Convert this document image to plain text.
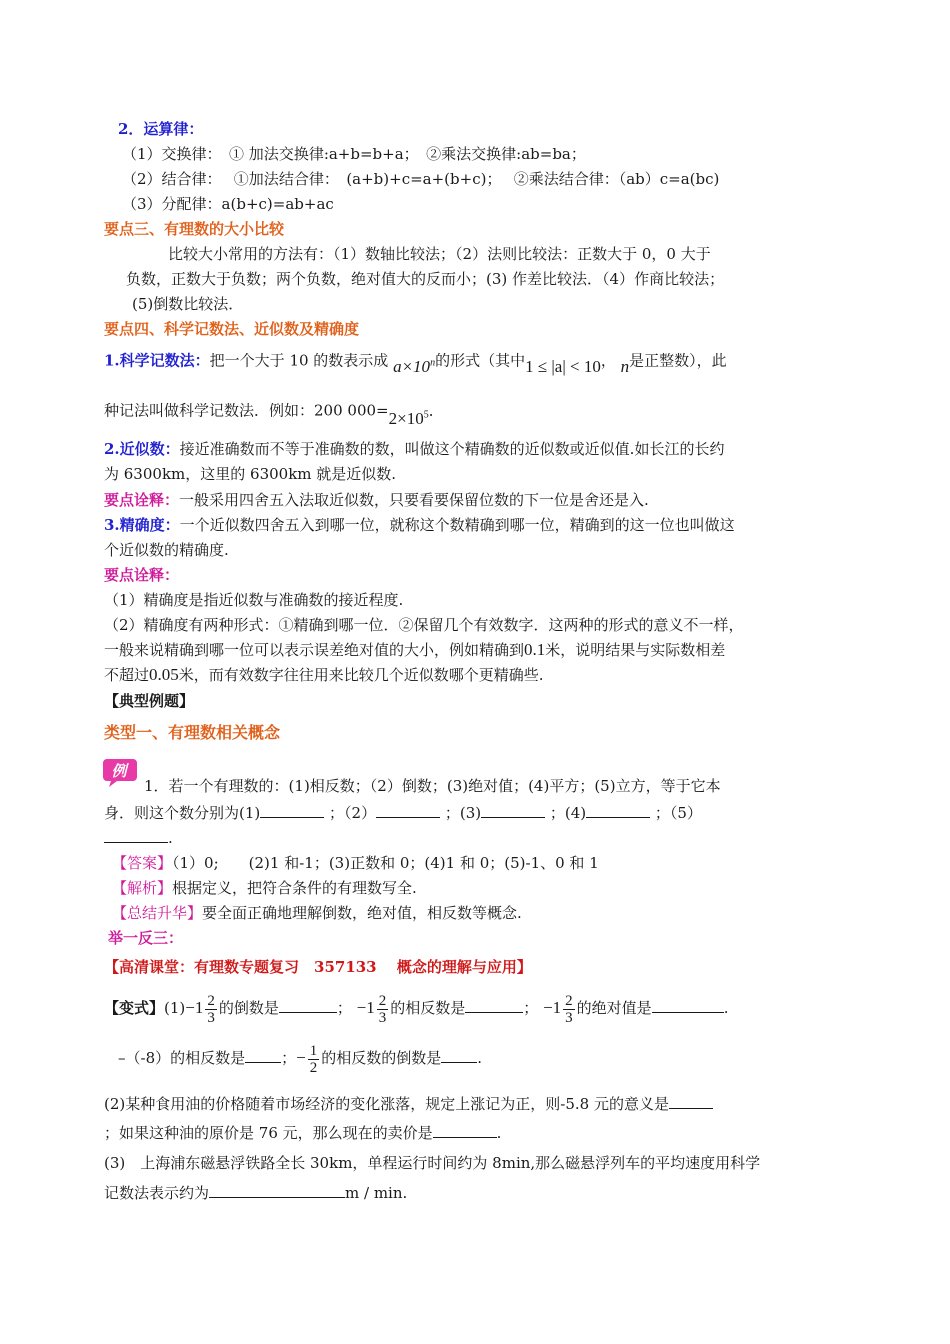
2．运算律：
（1）交换律：　① 加法交换律:a+b=b+a；　②乘法交换律:ab=ba；
（2）结合律：　 ①加法结合律：　(a+b)+c=a+(b+c)；　 ②乘法结合律：（ab）c=a(bc)
（3）分配律：a(b+c)=ab+ac
要点三、有理数的大小比较
比较大小常用的方法有：（1）数轴比较法；（2）法则比较法：正数大于 0，0 大于
负数，正数大于负数；两个负数，绝对值大的反而小；(3) 作差比较法．（4）作商比较法；
(5)倒数比较法．
要点四、科学记数法、近似数及精确度
1.科学记数法：把一个大于 10 的数表示成 $a\times 10^n$的形式（其中1 ≤ |a| < 10， n是正整数），此
种记法叫做科学记数法．例如：200 $000=2\times 10^5$．
2.近似数：接近准确数而不等于准确数的数，叫做这个精确数的近似数或近似值.如长江的长约
为 6300km，这里的 6300km 就是近似数.
要点诠释：一般采用四舍五入法取近似数，只要看要保留位数的下一位是舍还是入.
3.精确度：一个近似数四舍五入到哪一位，就称这个数精确到哪一位，精确到的这一位也叫做这
个近似数的精确度.
要点诠释：
（1）精确度是指近似数与准确数的接近程度.
（2）精确度有两种形式：①精确到哪一位．②保留几个有效数字．这两种的形式的意义不一样，
一般来说精确到哪一位可以表示误差绝对值的大小，例如精确到0.1米，说明结果与实际数相差
不超过0.05米，而有效数字往往用来比较几个近似数哪个更精确些.
【典型例题】
类型一、有理数相关概念
例
1．若一个有理数的：(1)相反数；（2）倒数；(3)绝对值；(4)平方；(5)立方，等于它本
身．则这个数分别为(1)	；（2）	；(3)	；(4)	；（5）
.
【答案】（1）0;　　(2)1 和-1；(3)正数和 0；(4)1 和 0；(5)-1、0 和 1
【解析】根据定义，把符合条件的有理数写全.
【总结升华】要全面正确地理解倒数，绝对值，相反数等概念.
举一反三：
【高清课堂：有理数专题复习　357133　 概念的理解与应用】
【变式】$(1)-1 \frac{2}{3}$ 的倒数是	； $-1 \frac{2}{3}$ 的相反数是	； $-1 \frac{2}{3}$ 的绝对值是	.
–（-8）的相反数是 ；− $\frac{1}{2}$ 的相反数的倒数是 .
(2)某种食用油的价格随着市场经济的变化涨落，规定上涨记为正，则-5.8 元的意义是
；如果这种油的原价是 76 元，那么现在的卖价是	.
(3)　上海浦东磁悬浮铁路全长 30km，单程运行时间约为 8min,那么磁悬浮列车的平均速度用科学
记数法表示约为	m / min.
